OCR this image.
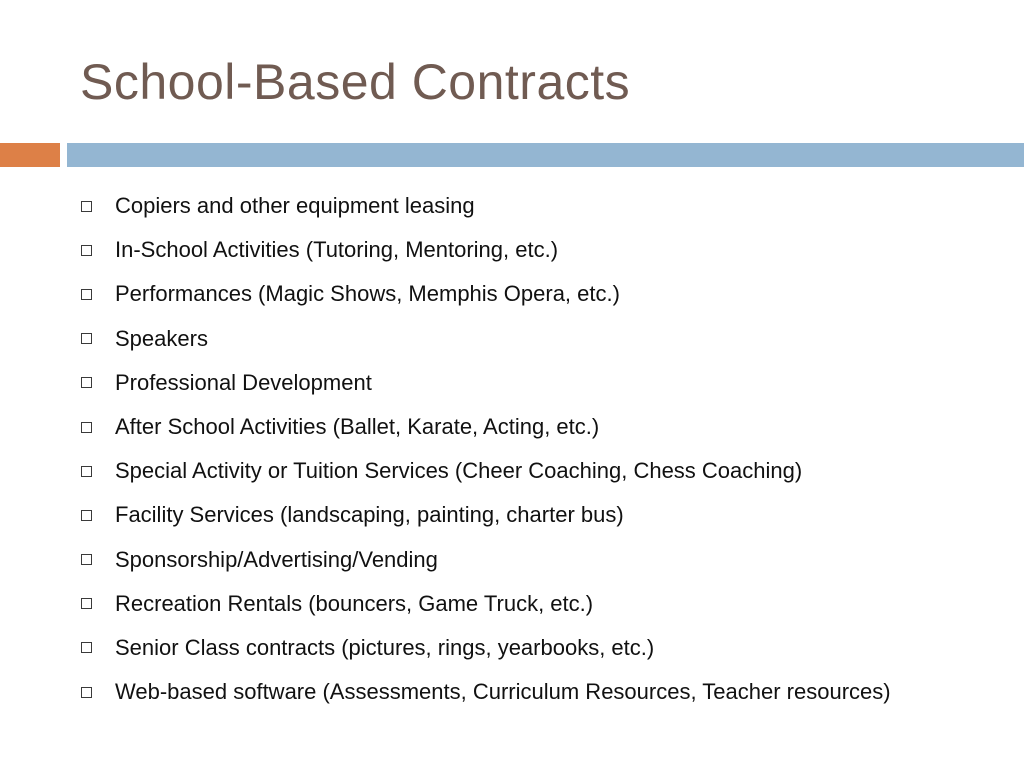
School-Based Contracts
Copiers and other equipment leasing
In-School Activities (Tutoring, Mentoring, etc.)
Performances (Magic Shows, Memphis Opera, etc.)
Speakers
Professional Development
After School Activities (Ballet, Karate, Acting, etc.)
Special Activity or Tuition Services (Cheer Coaching, Chess Coaching)
Facility Services (landscaping, painting, charter bus)
Sponsorship/Advertising/Vending
Recreation Rentals (bouncers, Game Truck, etc.)
Senior Class contracts (pictures, rings, yearbooks, etc.)
Web-based software (Assessments, Curriculum Resources, Teacher resources)
